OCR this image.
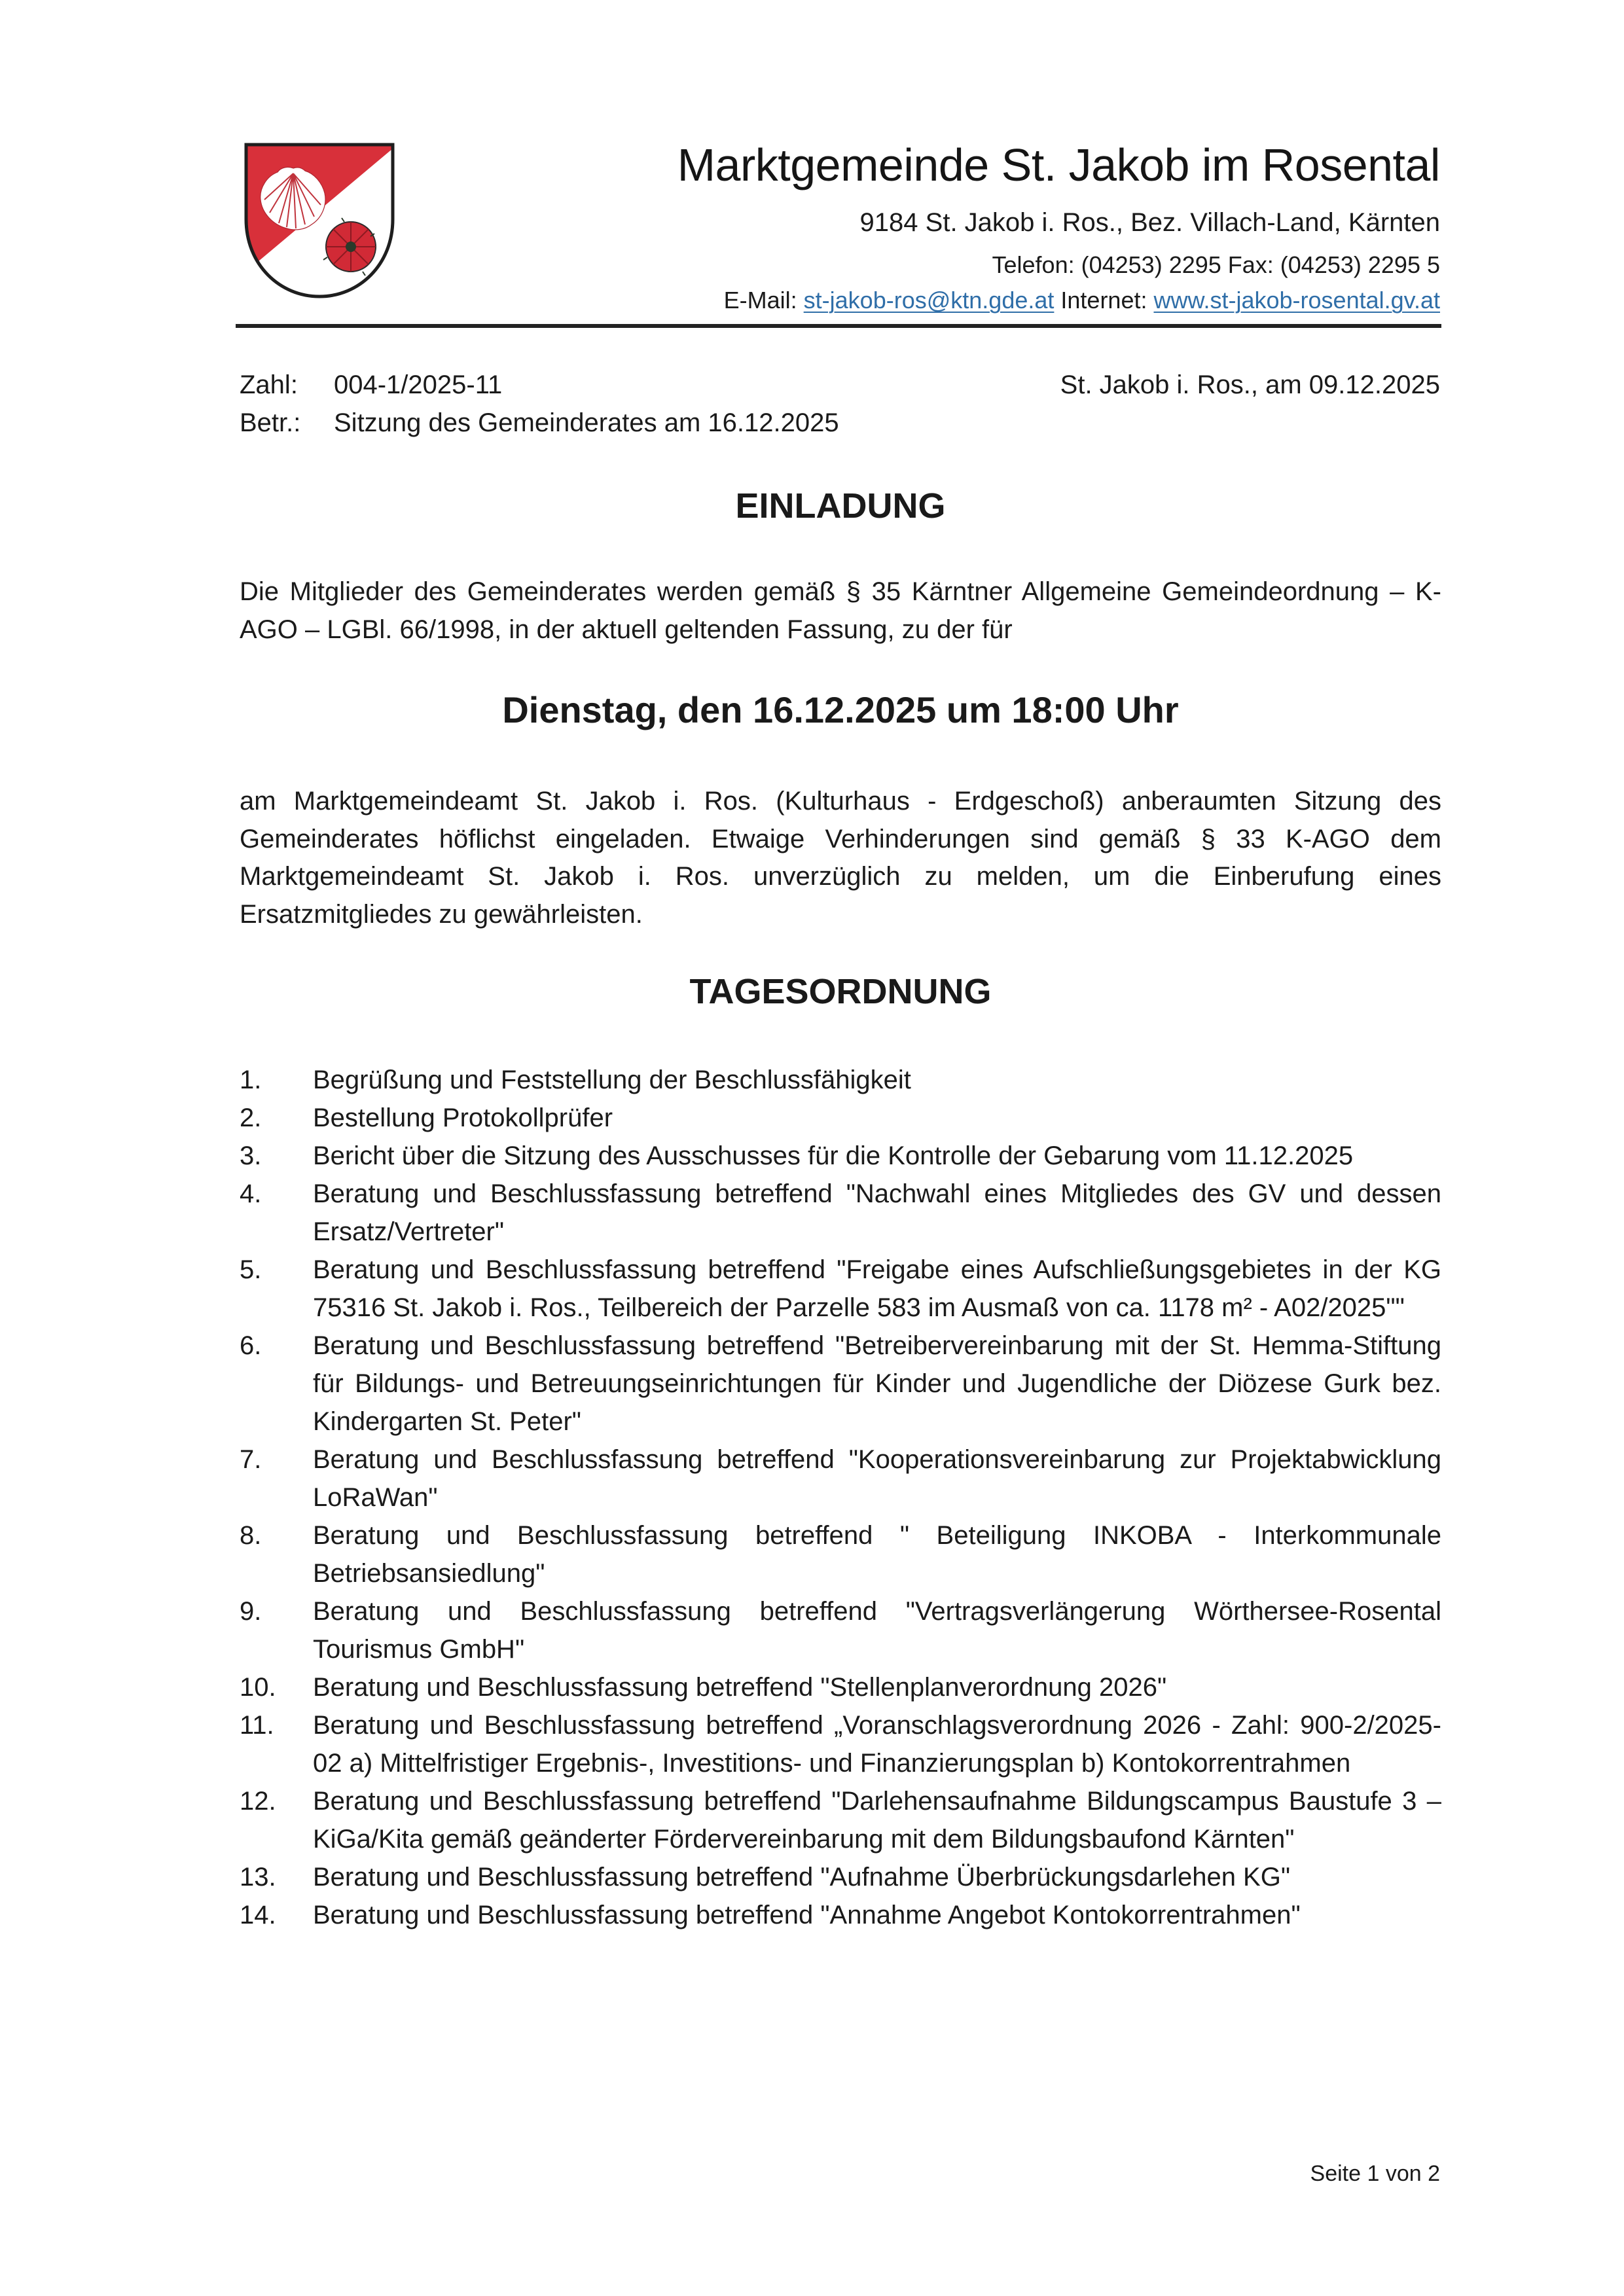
Marktgemeinde St. Jakob im Rosental
9184 St. Jakob i. Ros., Bez. Villach-Land, Kärnten
Telefon: (04253) 2295 Fax: (04253) 2295 5
E-Mail: st-jakob-ros@ktn.gde.at Internet: www.st-jakob-rosental.gv.at
Zahl: 004-1/2025-11
Betr.: Sitzung des Gemeinderates am 16.12.2025
St. Jakob i. Ros., am 09.12.2025
EINLADUNG
Die Mitglieder des Gemeinderates werden gemäß § 35 Kärntner Allgemeine Gemeindeordnung – K-AGO – LGBl. 66/1998, in der aktuell geltenden Fassung, zu der für
Dienstag, den 16.12.2025 um 18:00 Uhr
am Marktgemeindeamt St. Jakob i. Ros. (Kulturhaus - Erdgeschoß) anberaumten Sitzung des Gemeinderates höflichst eingeladen. Etwaige Verhinderungen sind gemäß § 33 K-AGO dem Marktgemeindeamt St. Jakob i. Ros. unverzüglich zu melden, um die Einberufung eines Ersatzmitgliedes zu gewährleisten.
TAGESORDNUNG
1.	Begrüßung und Feststellung der Beschlussfähigkeit
2.	Bestellung Protokollprüfer
3.	Bericht über die Sitzung des Ausschusses für die Kontrolle der Gebarung vom 11.12.2025
4.	Beratung und Beschlussfassung betreffend "Nachwahl eines Mitgliedes des GV und dessen Ersatz/Vertreter"
5.	Beratung und Beschlussfassung betreffend "Freigabe eines Aufschließungsgebietes in der KG 75316 St. Jakob i. Ros., Teilbereich der Parzelle 583 im Ausmaß von ca. 1178 m² - A02/2025""
6.	Beratung und Beschlussfassung betreffend "Betreibervereinbarung mit der St. Hemma-Stiftung für Bildungs- und Betreuungseinrichtungen für Kinder und Jugendliche der Diözese Gurk bez. Kindergarten St. Peter"
7.	Beratung und Beschlussfassung betreffend "Kooperationsvereinbarung zur Projektabwicklung LoRaWan"
8.	Beratung und Beschlussfassung betreffend " Beteiligung INKOBA - Interkommunale Betriebsansiedlung"
9.	Beratung und Beschlussfassung betreffend "Vertragsverlängerung Wörthersee-Rosental Tourismus GmbH"
10.	Beratung und Beschlussfassung betreffend "Stellenplanverordnung 2026"
11.	Beratung und Beschlussfassung betreffend „Voranschlagsverordnung 2026 - Zahl: 900-2/2025-02 a) Mittelfristiger Ergebnis-, Investitions- und Finanzierungsplan b) Kontokorrentrahmen
12.	Beratung und Beschlussfassung betreffend "Darlehensaufnahme Bildungscampus Baustufe 3 – KiGa/Kita gemäß geänderter Fördervereinbarung mit dem Bildungsbaufond Kärnten"
13.	Beratung und Beschlussfassung betreffend "Aufnahme Überbrückungsdarlehen KG"
14.	Beratung und Beschlussfassung betreffend "Annahme Angebot Kontokorrentrahmen"
Seite 1 von 2
